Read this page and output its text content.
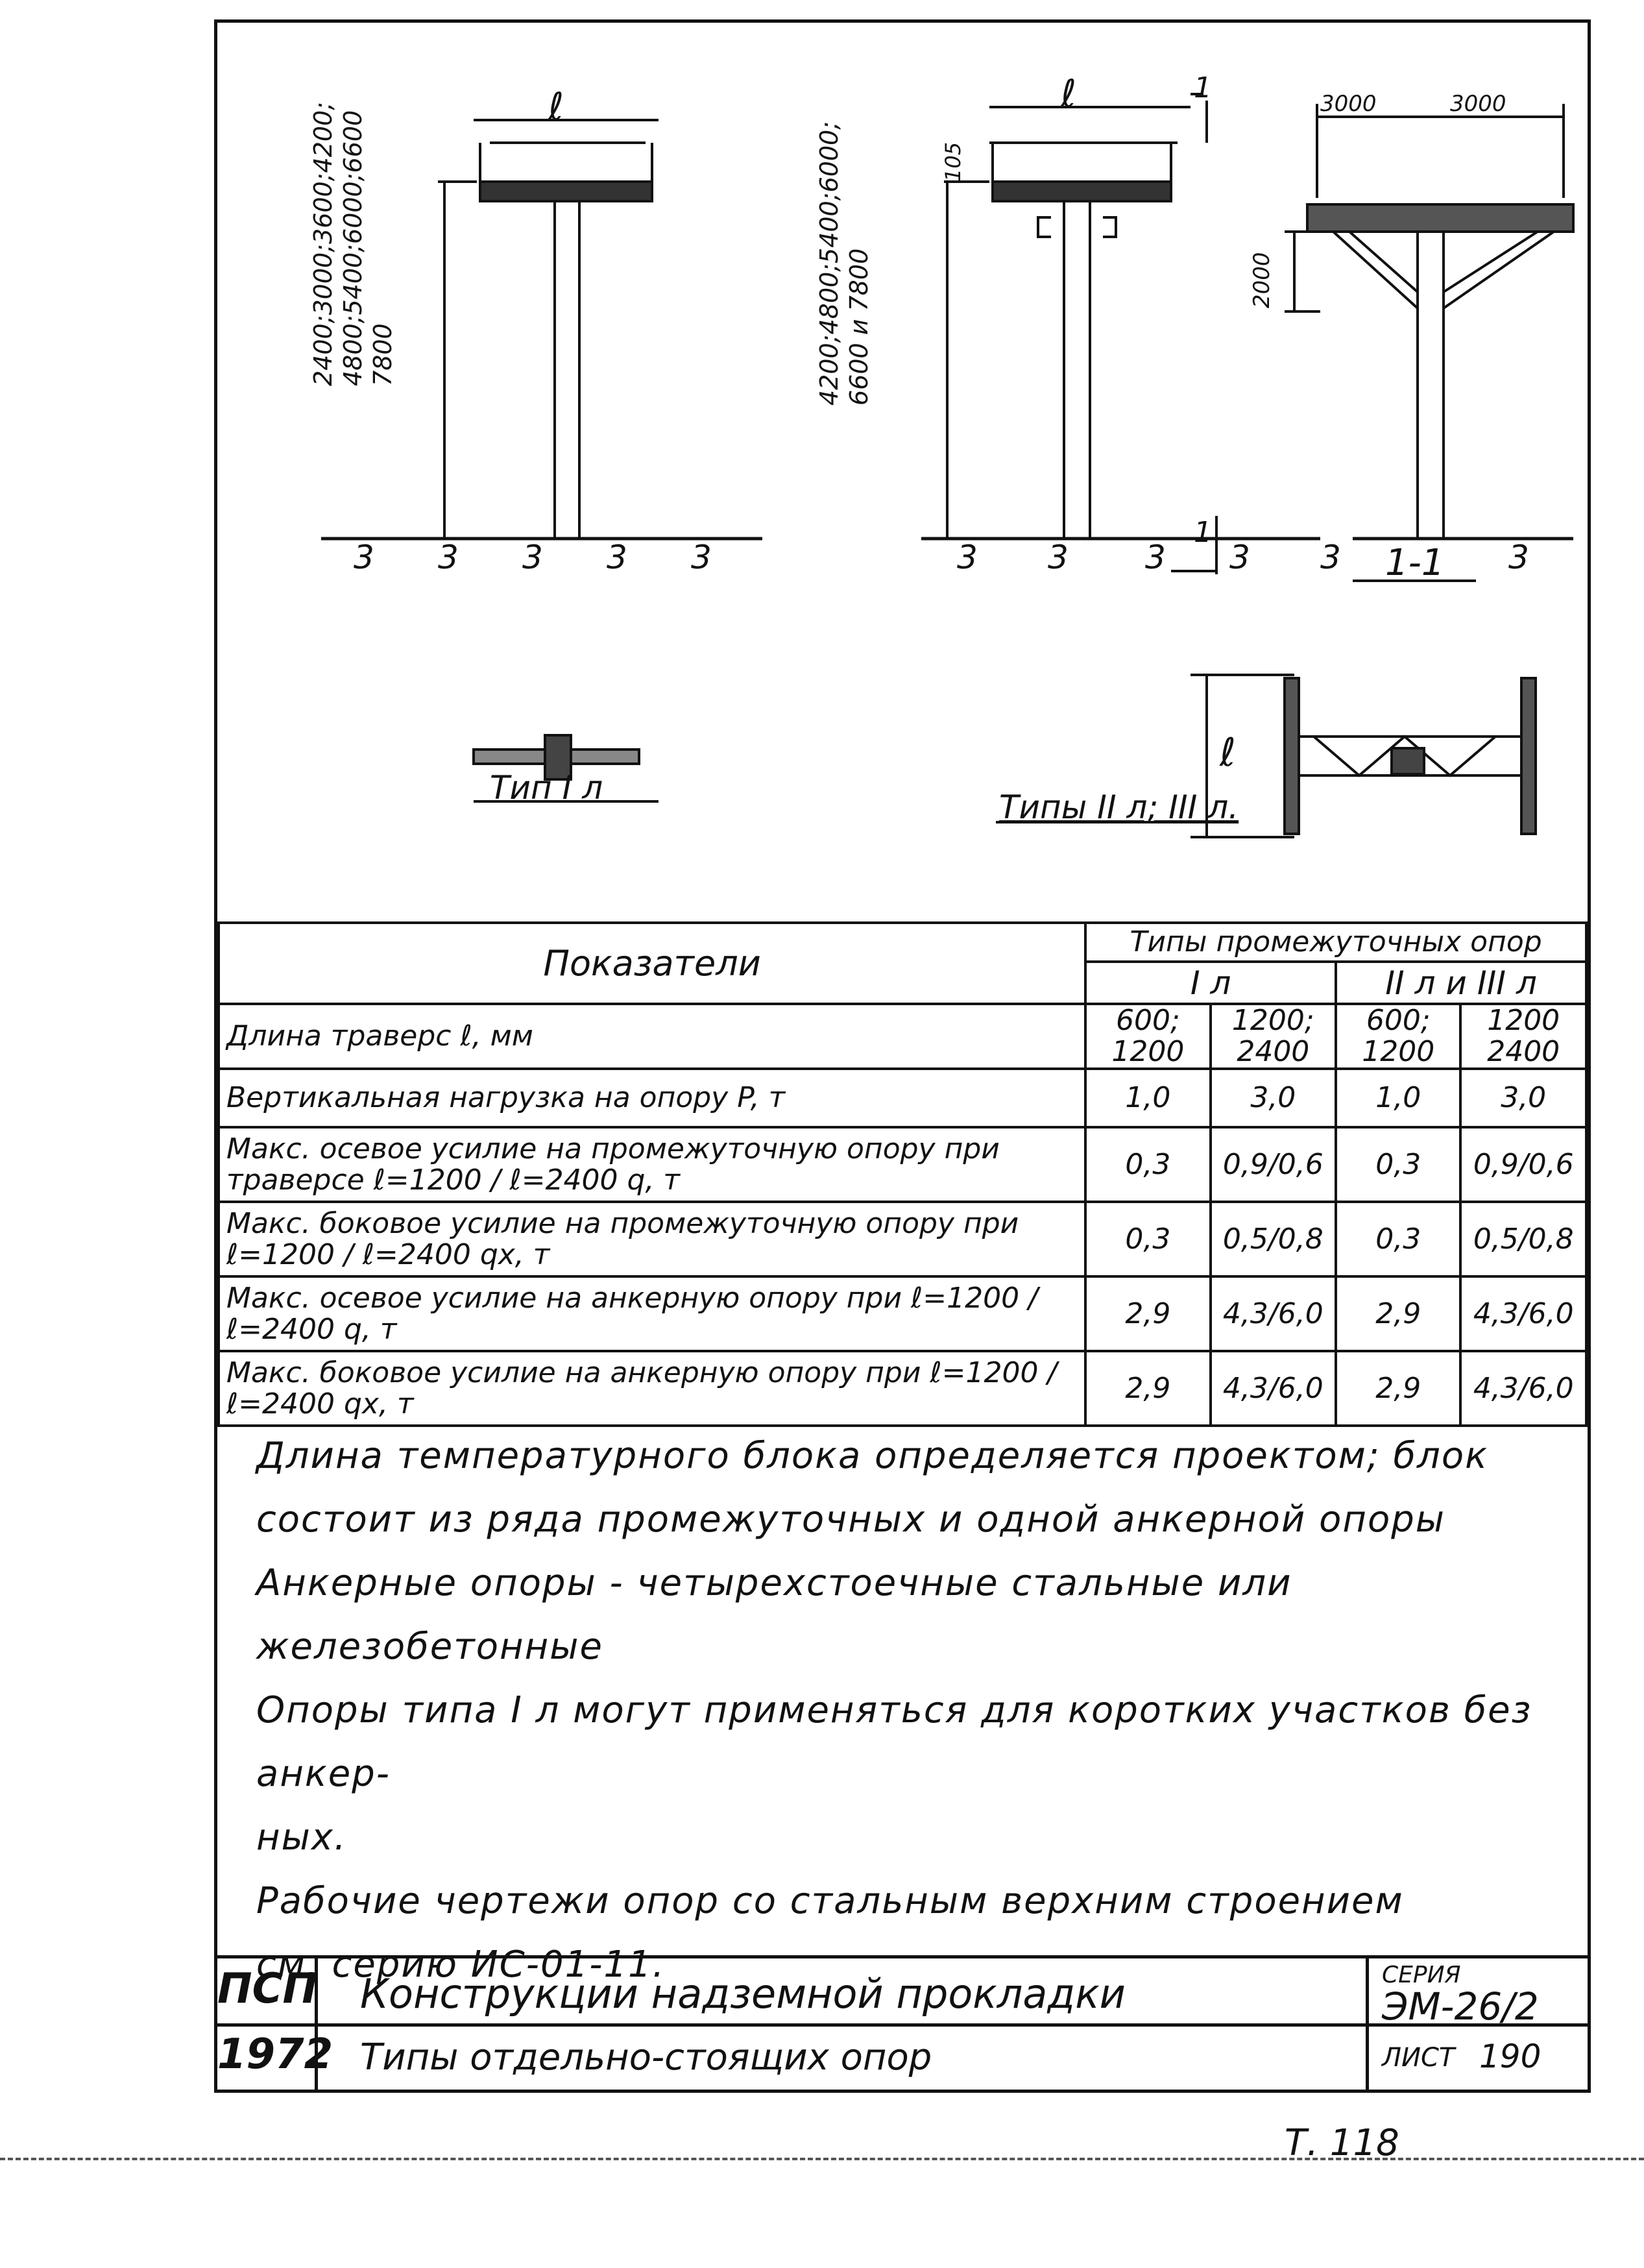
ℓ	ℓ	1
1
2400;3000;3600;4200; 4800;5400;6000;6600 7800	4200;4800;5400;6000; 6600 и 7800
105
3000	3000
2000
1-1
3 3 3 3 3	3 3 3 3 3	3
ℓ
Тип I л
Типы II л; III л.
Показатели	Типы промежуточных опор			
	I л		II л и III л	
Длина траверс ℓ, мм	600; 1200	1200; 2400	600; 1200	1200 2400
Вертикальная нагрузка на опору P, т	1,0	3,0	1,0	3,0
Макс. осевое усилие на промежуточную опору при траверсе ℓ=1200 / ℓ=2400 q, т	0,3	0,9/0,6	0,3	0,9/0,6
Макс. боковое усилие на промежуточную опору при ℓ=1200 / ℓ=2400 qx, т	0,3	0,5/0,8	0,3	0,5/0,8
Макс. осевое усилие на анкерную опору при ℓ=1200 / ℓ=2400 q, т	2,9	4,3/6,0	2,9	4,3/6,0
Макс. боковое усилие на анкерную опору при ℓ=1200 / ℓ=2400 qx, т	2,9	4,3/6,0	2,9	4,3/6,0

Длина температурного блока определяется проектом; блок

состоит из ряда промежуточных и одной анкерной опоры

Анкерные опоры - четырехстоечные стальные или железобетонные

Опоры типа I л могут применяться для коротких участков без анкер-

ных.

Рабочие чертежи опор со стальным верхним строением

см. серию ИС-01-11.

ПСП
1972
Конструкции надземной прокладки
Типы отдельно-стоящих опор
СЕРИЯ
ЭМ-26/2
ЛИСТ 190
Т. 118
